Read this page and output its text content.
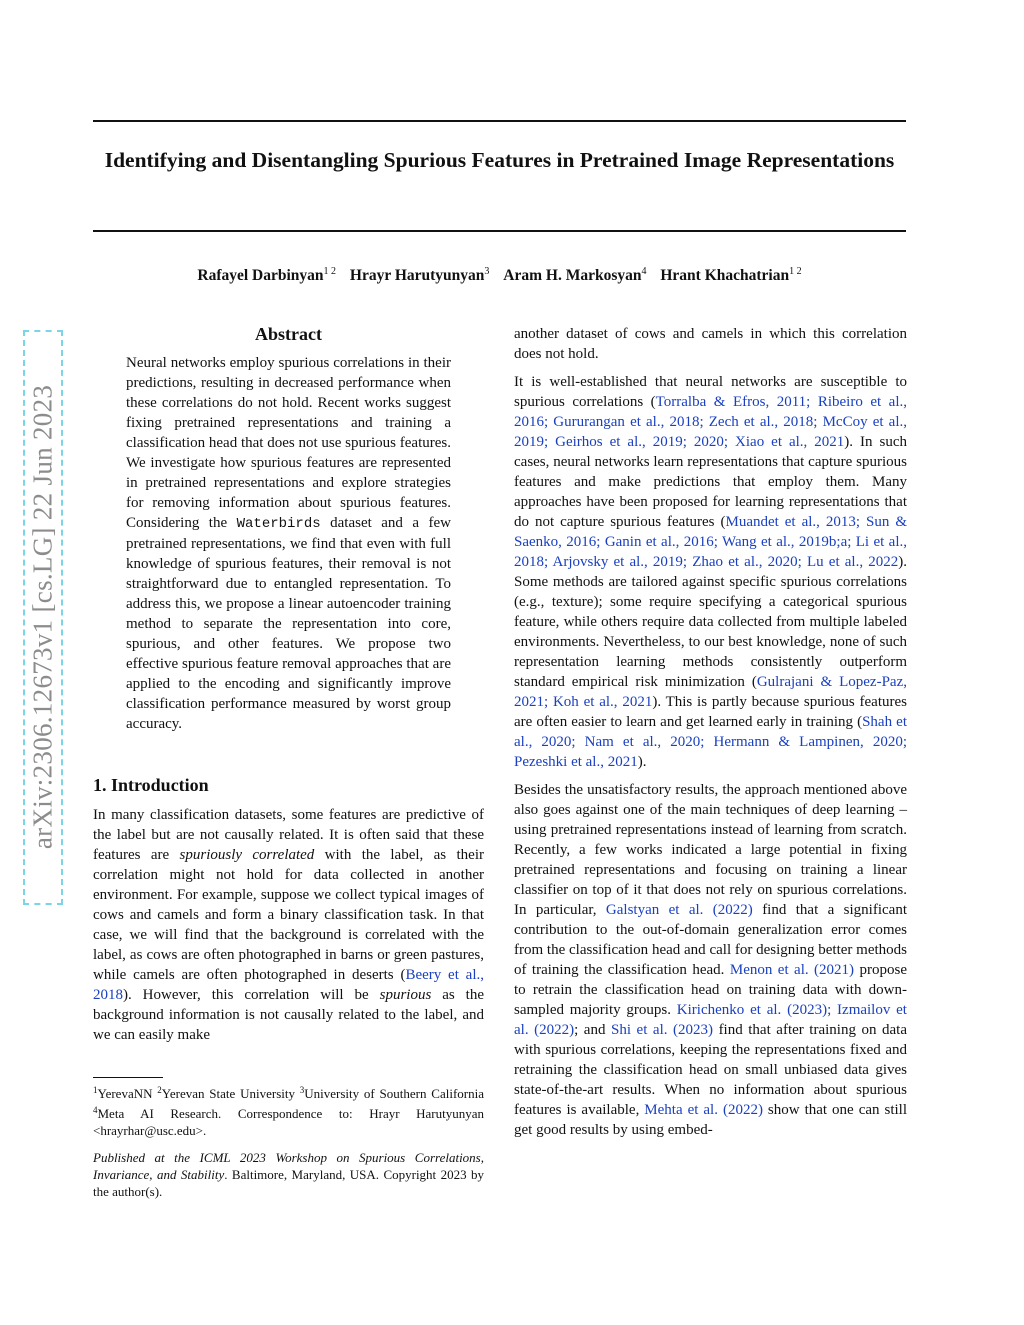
Identifying and Disentangling Spurious Features in Pretrained Image Representations
Rafayel Darbinyan$^{1 2}$ Hrayr Harutyunyan$^3$ Aram H. Markosyan$^4$ Hrant Khachatrian$^{1 2}$
arXiv:2306.12673v1 [cs.LG] 22 Jun 2023
Abstract

Neural networks employ spurious correlations in their predictions, resulting in decreased performance when these correlations do not hold. Recent works suggest fixing pretrained representations and training a classification head that does not use spurious features. We investigate how spurious features are represented in pretrained representations and explore strategies for removing information about spurious features. Considering the Waterbirds dataset and a few pretrained representations, we find that even with full knowledge of spurious features, their removal is not straightforward due to entangled representation. To address this, we propose a linear autoencoder training method to separate the representation into core, spurious, and other features. We propose two effective spurious feature removal approaches that are applied to the encoding and significantly improve classification performance measured by worst group accuracy.

1. Introduction

In many classification datasets, some features are predictive of the label but are not causally related. It is often said that these features are spuriously correlated with the label, as their correlation might not hold for data collected in another environment. For example, suppose we collect typical images of cows and camels and form a binary classification task. In that case, we will find that the background is correlated with the label, as cows are often photographed in barns or green pastures, while camels are often photographed in deserts (Beery et al., 2018). However, this correlation will be spurious as the background information is not causally related to the label, and we can easily make

another dataset of cows and camels in which this correlation does not hold.

It is well-established that neural networks are susceptible to spurious correlations (Torralba & Efros, 2011; Ribeiro et al., 2016; Gururangan et al., 2018; Zech et al., 2018; McCoy et al., 2019; Geirhos et al., 2019; 2020; Xiao et al., 2021). In such cases, neural networks learn representations that capture spurious features and make predictions that employ them. Many approaches have been proposed for learning representations that do not capture spurious features (Muandet et al., 2013; Sun & Saenko, 2016; Ganin et al., 2016; Wang et al., 2019b;a; Li et al., 2018; Arjovsky et al., 2019; Zhao et al., 2020; Lu et al., 2022). Some methods are tailored against specific spurious correlations (e.g., texture); some require specifying a categorical spurious feature, while others require data collected from multiple labeled environments. Nevertheless, to our best knowledge, none of such representation learning methods consistently outperform standard empirical risk minimization (Gulrajani & Lopez-Paz, 2021; Koh et al., 2021). This is partly because spurious features are often easier to learn and get learned early in training (Shah et al., 2020; Nam et al., 2020; Hermann & Lampinen, 2020; Pezeshki et al., 2021).

Besides the unsatisfactory results, the approach mentioned above also goes against one of the main techniques of deep learning – using pretrained representations instead of learning from scratch. Recently, a few works indicated a large potential in fixing pretrained representations and focusing on training a linear classifier on top of it that does not rely on spurious correlations. In particular, Galstyan et al. (2022) find that a significant contribution to the out-of-domain generalization error comes from the classification head and call for designing better methods of training the classification head. Menon et al. (2021) propose to retrain the classification head on training data with down-sampled majority groups. Kirichenko et al. (2023); Izmailov et al. (2022); and Shi et al. (2023) find that after training on data with spurious correlations, keeping the representations fixed and retraining the classification head on small unbiased data gives state-of-the-art results. When no information about spurious features is available, Mehta et al. (2022) show that one can still get good results by using embed-

$^1$YerevaNN $^2$Yerevan State University $^3$University of Southern California $^4$Meta AI Research. Correspondence to: Hrayr Harutyunyan <hrayrhar@usc.edu>.
Published at the ICML 2023 Workshop on Spurious Correlations, Invariance, and Stability. Baltimore, Maryland, USA. Copyright 2023 by the author(s).
